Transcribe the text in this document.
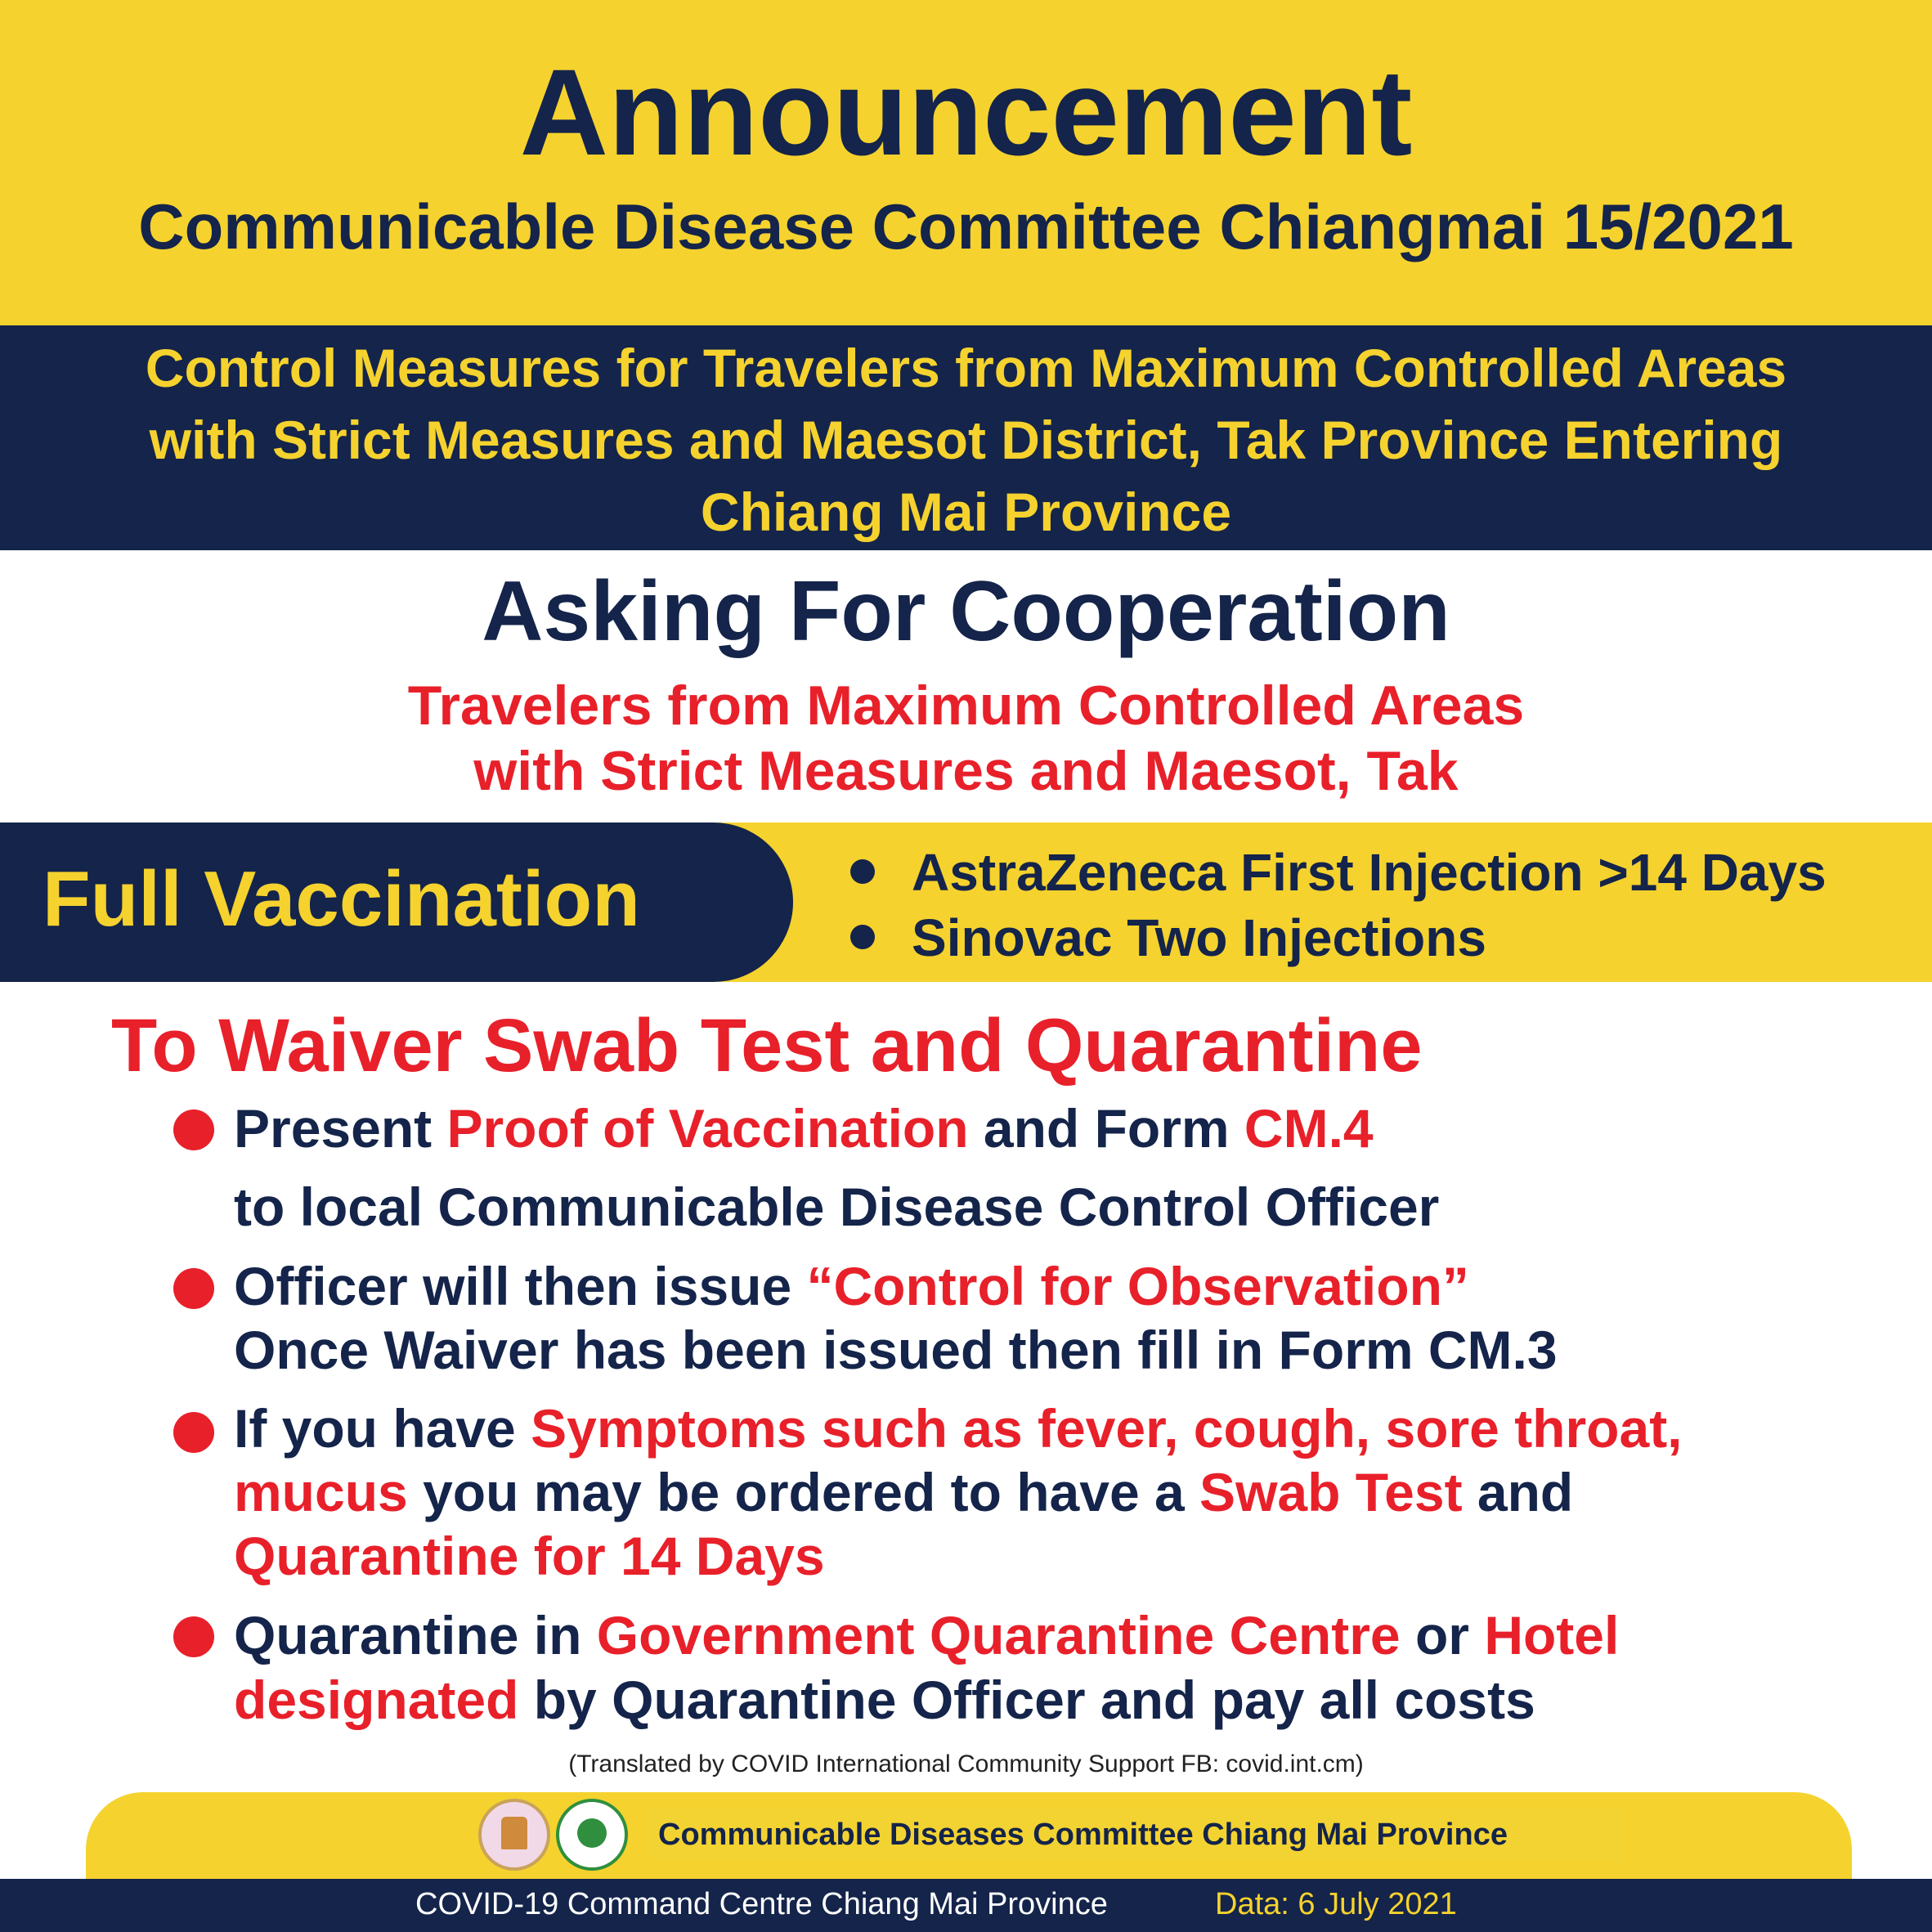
Announcement
Communicable Disease Committee Chiangmai 15/2021
Control Measures for Travelers from Maximum Controlled Areas
with Strict Measures and Maesot District, Tak Province Entering
Chiang Mai Province
Asking For Cooperation
Travelers from Maximum Controlled Areas
with Strict Measures and Maesot, Tak
Full Vaccination	AstraZeneca First Injection >14 Days
Sinovac Two Injections
To Waiver Swab Test and Quarantine
Present Proof of Vaccination and Form CM.4
to local Communicable Disease Control Officer
Officer will then issue “Control for Observation”
Once Waiver has been issued then fill in Form CM.3
If you have Symptoms such as fever, cough, sore throat,
mucus you may be ordered to have a Swab Test and
Quarantine for 14 Days
Quarantine in Government Quarantine Centre or Hotel
designated by Quarantine Officer and pay all costs
(Translated by COVID International Community Support FB: covid.int.cm)
Communicable Diseases Committee Chiang Mai Province
COVID-19 Command Centre Chiang Mai Province	Data: 6 July 2021
